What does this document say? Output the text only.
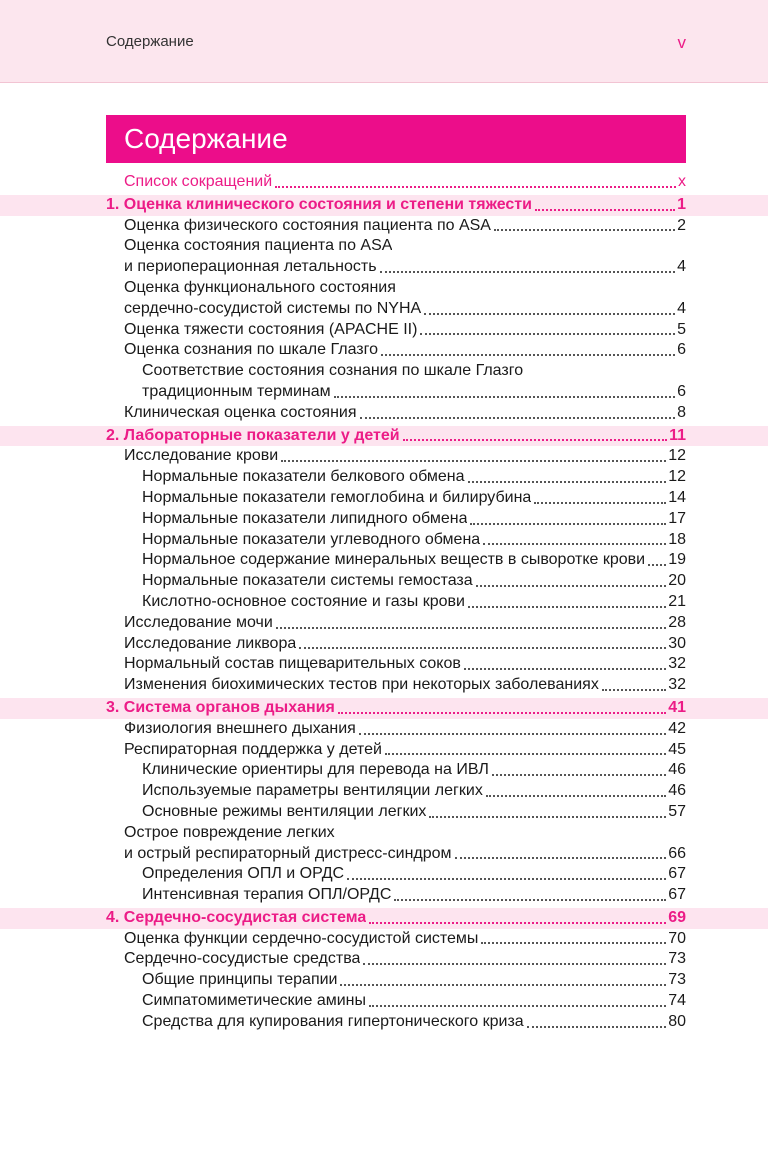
Содержание	v
Содержание
Список сокращений	x
1. Оценка клинического состояния и степени тяжести	1
Оценка физического состояния пациента по ASA	2
Оценка состояния пациента по ASA
и периоперационная летальность	4
Оценка функционального состояния
сердечно-сосудистой системы по NYHA	4
Оценка тяжести состояния (APACHE II)	5
Оценка сознания по шкале Глазго	6
Соответствие состояния сознания по шкале Глазго
традиционным терминам	6
Клиническая оценка состояния	8
2. Лабораторные показатели у детей	11
Исследование крови	12
Нормальные показатели белкового обмена	12
Нормальные показатели гемоглобина и билирубина	14
Нормальные показатели липидного обмена	17
Нормальные показатели углеводного обмена	18
Нормальное содержание минеральных веществ в сыворотке крови 19
Нормальные показатели системы гемостаза	20
Кислотно-основное состояние и газы крови	21
Исследование мочи	28
Исследование ликвора	30
Нормальный состав пищеварительных соков	32
Изменения биохимических тестов при некоторых заболеваниях	32
3. Система органов дыхания	41
Физиология внешнего дыхания	42
Респираторная поддержка у детей	45
Клинические ориентиры для перевода на ИВЛ	46
Используемые параметры вентиляции легких	46
Основные режимы вентиляции легких	57
Острое повреждение легких
и острый респираторный дистресс-синдром	66
Определения ОПЛ и ОРДС	67
Интенсивная терапия ОПЛ/ОРДС	67
4. Сердечно-сосудистая система	69
Оценка функции сердечно-сосудистой системы	70
Сердечно-сосудистые средства	73
Общие принципы терапии	73
Симпатомиметические амины	74
Средства для купирования гипертонического криза	80
